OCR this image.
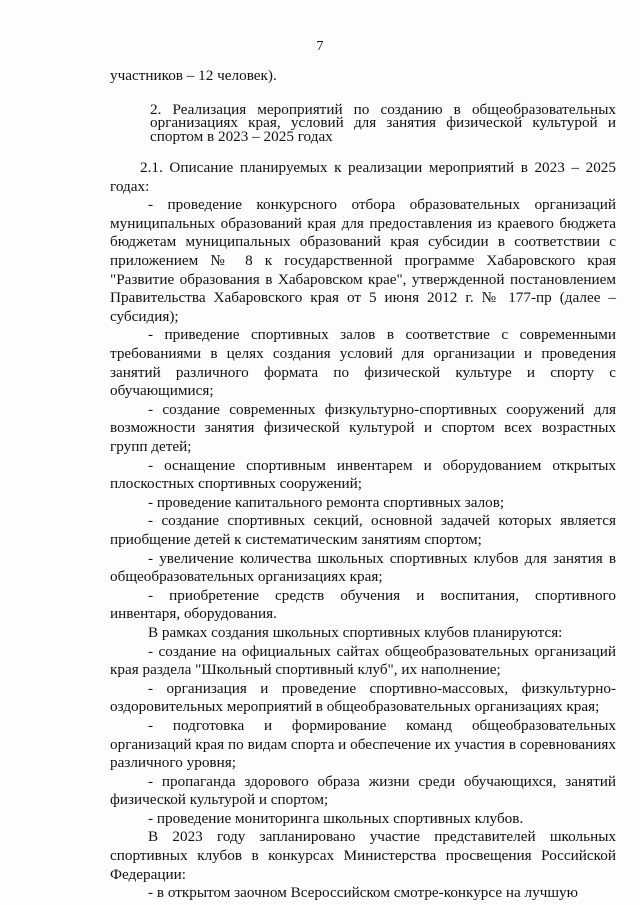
7

участников – 12 человек).

2. Реализация мероприятий по созданию в общеобразовательных организациях края, условий для занятия физической культурой и спортом в 2023 – 2025 годах

2.1. Описание планируемых к реализации мероприятий в 2023 – 2025 годах:

- проведение конкурсного отбора образовательных организаций муниципальных образований края для предоставления из краевого бюджета бюджетам муниципальных образований края субсидии в соответствии с приложением № 8 к государственной программе Хабаровского края "Развитие образования в Хабаровском крае", утвержденной постановлением Правительства Хабаровского края от 5 июня 2012 г. № 177-пр (далее – субсидия);

- приведение спортивных залов в соответствие с современными требованиями в целях создания условий для организации и проведения занятий различного формата по физической культуре и спорту с обучающимися;

- создание современных физкультурно-спортивных сооружений для возможности занятия физической культурой и спортом всех возрастных групп детей;

- оснащение спортивным инвентарем и оборудованием открытых плоскостных спортивных сооружений;

- проведение капитального ремонта спортивных залов;

- создание спортивных секций, основной задачей которых является приобщение детей к систематическим занятиям спортом;

- увеличение количества школьных спортивных клубов для занятия в общеобразовательных организациях края;

- приобретение средств обучения и воспитания, спортивного инвентаря, оборудования.

В рамках создания школьных спортивных клубов планируются:

- создание на официальных сайтах общеобразовательных организаций края раздела "Школьный спортивный клуб", их наполнение;

- организация и проведение спортивно-массовых, физкультурно-оздоровительных мероприятий в общеобразовательных организациях края;

- подготовка и формирование команд общеобразовательных организаций края по видам спорта и обеспечение их участия в соревнованиях различного уровня;

- пропаганда здорового образа жизни среди обучающихся, занятий физической культурой и спортом;

- проведение мониторинга школьных спортивных клубов.

В 2023 году запланировано участие представителей школьных спортивных клубов в конкурсах Министерства просвещения Российской Федерации:

- в открытом заочном Всероссийском смотре-конкурсе на лучшую
